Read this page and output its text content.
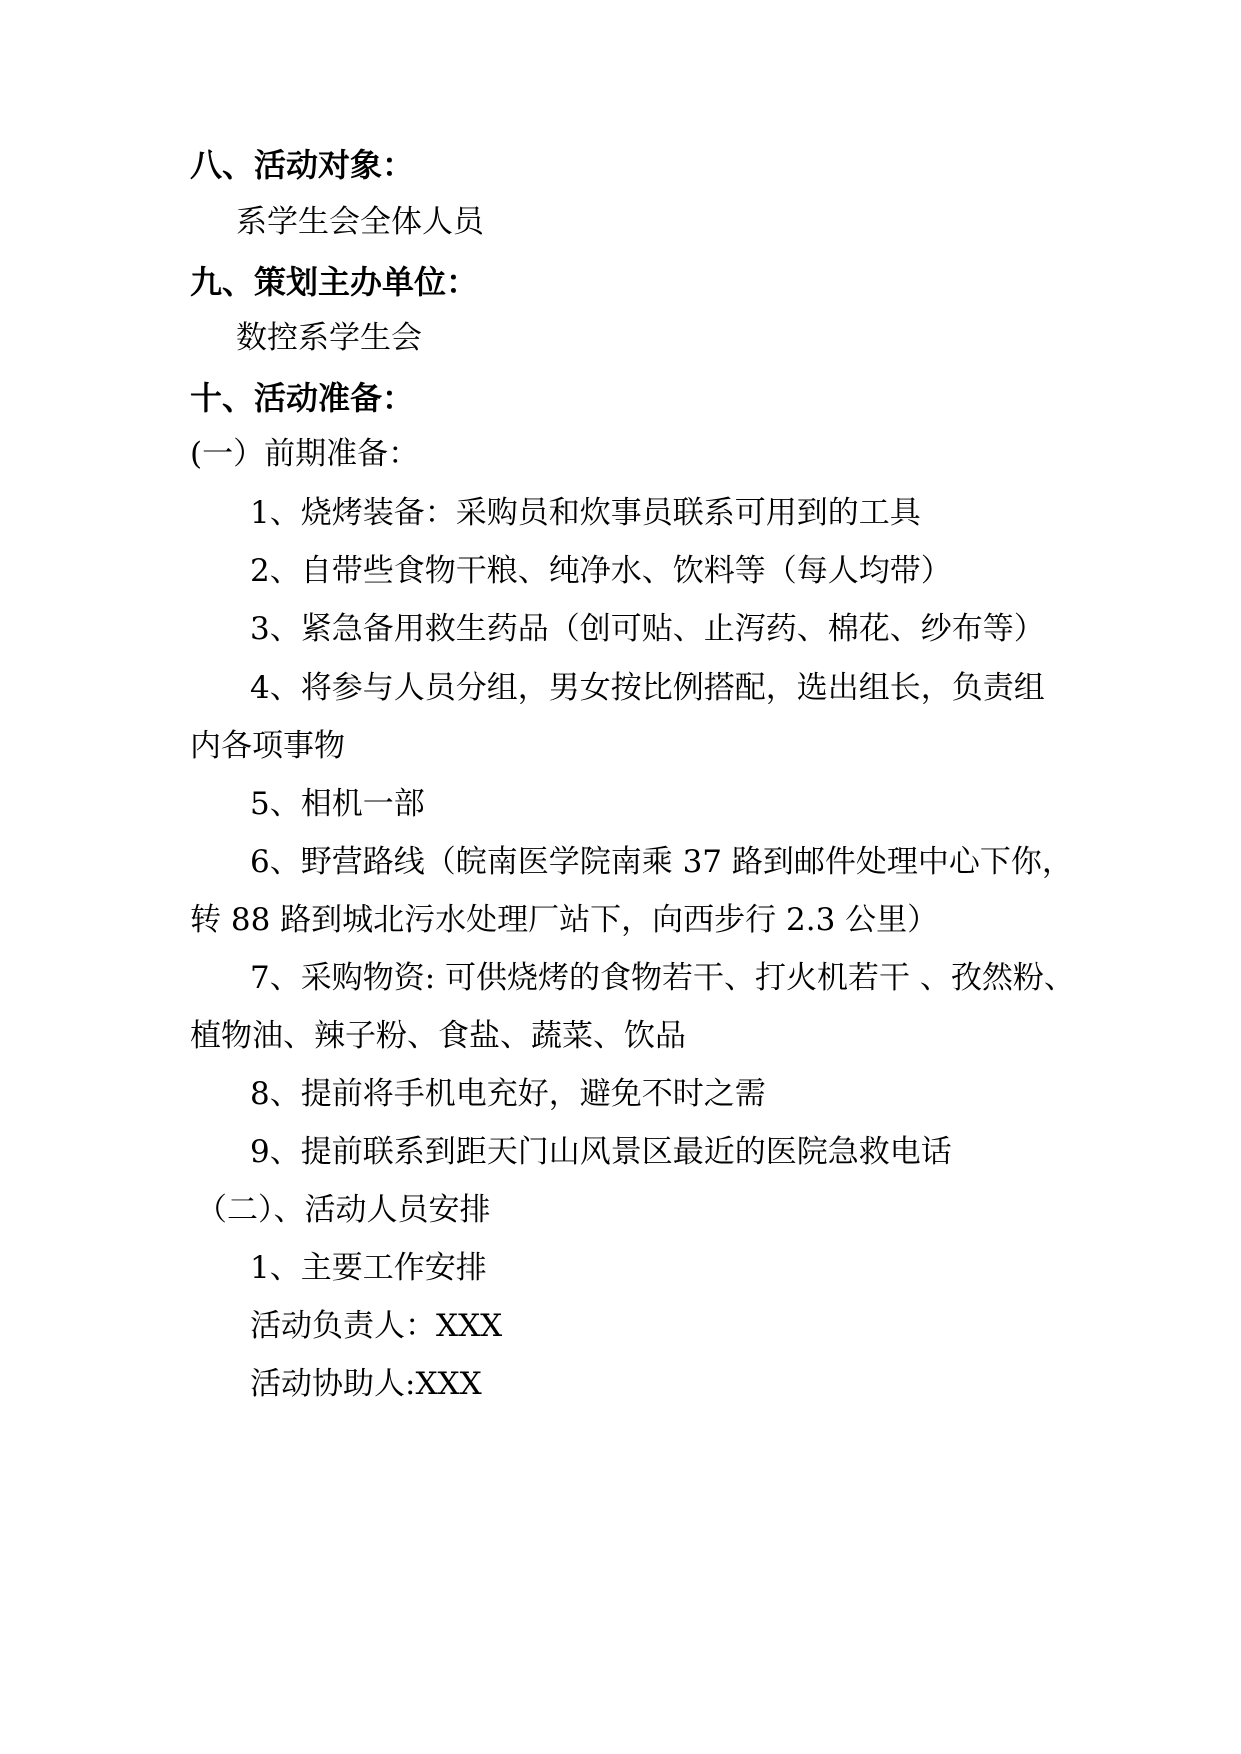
八、活动对象：

系学生会全体人员

九、策划主办单位：

数控系学生会

十、活动准备：

(一）前期准备：

1、烧烤装备：采购员和炊事员联系可用到的工具

2、自带些食物干粮、纯净水、饮料等（每人均带）

3、紧急备用救生药品（创可贴、止泻药、棉花、纱布等）

4、将参与人员分组，男女按比例搭配，选出组长，负责组

内各项事物

5、相机一部

6、野营路线（皖南医学院南乘 37 路到邮件处理中心下你，

转 88 路到城北污水处理厂站下，向西步行 2.3 公里）

7、采购物资: 可供烧烤的食物若干、打火机若干 、孜然粉、

植物油、辣子粉、食盐、蔬菜、饮品

8、提前将手机电充好，避免不时之需

9、提前联系到距天门山风景区最近的医院急救电话

（二）、活动人员安排

1、主要工作安排

活动负责人：XXX

活动协助人:XXX
